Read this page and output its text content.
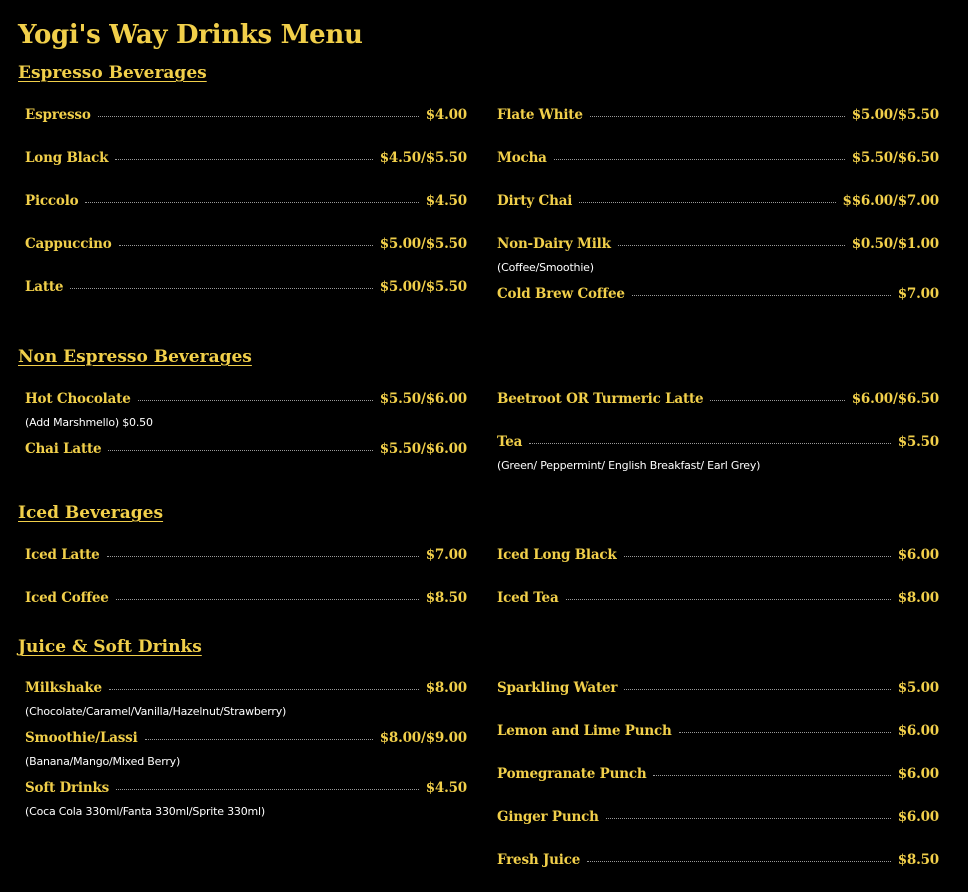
Yogi's Way Drinks Menu
Espresso Beverages
Espresso	$4.00
Long Black	$4.50/$5.50
Piccolo	$4.50
Cappuccino	$5.00/$5.50
Latte	$5.00/$5.50
Flate White	$5.00/$5.50
Mocha	$5.50/$6.50
Dirty Chai	$$6.00/$7.00
Non-Dairy Milk	$0.50/$1.00
(Coffee/Smoothie)
Cold Brew Coffee	$7.00
Non Espresso Beverages
Hot Chocolate	$5.50/$6.00
(Add Marshmello) $0.50
Chai Latte	$5.50/$6.00
Beetroot OR Turmeric Latte	$6.00/$6.50
Tea	$5.50
(Green/ Peppermint/ English Breakfast/ Earl Grey)
Iced Beverages
Iced Latte	$7.00
Iced Coffee	$8.50
Iced Long Black	$6.00
Iced Tea	$8.00
Juice & Soft Drinks
Milkshake	$8.00
(Chocolate/Caramel/Vanilla/Hazelnut/Strawberry)
Smoothie/Lassi	$8.00/$9.00
(Banana/Mango/Mixed Berry)
Soft Drinks	$4.50
(Coca Cola 330ml/Fanta 330ml/Sprite 330ml)
Sparkling Water	$5.00
Lemon and Lime Punch	$6.00
Pomegranate Punch	$6.00
Ginger Punch	$6.00
Fresh Juice	$8.50
